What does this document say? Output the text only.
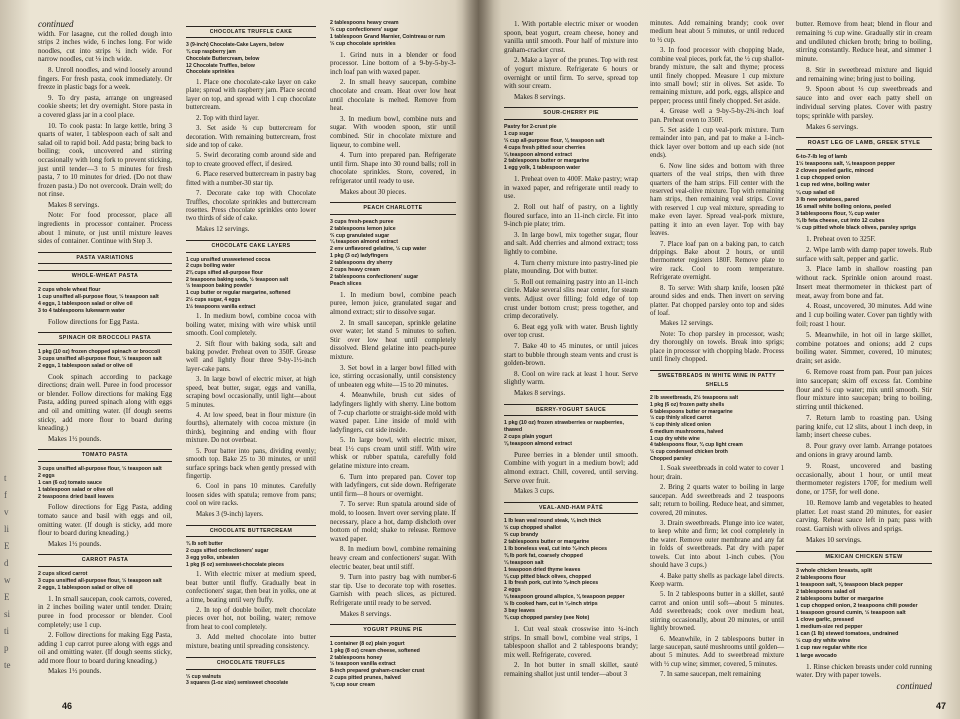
t
f
v
li
E
d
w
E
si
ti
p
te
continued

width. For lasagne, cut the rolled dough into strips 2 inches wide, 6 inches long. For wide noodles, cut into strips ¼ inch wide. For narrow noodles, cut ⅛ inch wide.

8. Unroll noodles, and wind loosely around fingers. For fresh pasta, cook immediately. Or freeze in plastic bags for a week.

9. To dry pasta, arrange on ungreased cookie sheets; let dry overnight. Store pasta in a covered glass jar in a cool place.

10. To cook pasta: In large kettle, bring 3 quarts of water, 1 tablespoon each of salt and salad oil to rapid boil. Add pasta; bring back to boiling; cook, uncovered and stirring occasionally with long fork to prevent sticking, just until tender—3 to 5 minutes for fresh pasta, 7 to 10 minutes for dried. (Do not thaw frozen pasta.) Do not overcook. Drain well; do not rinse.

Makes 8 servings.

Note: For food processor, place all ingredients in processor container. Process about 1 minute, or just until mixture leaves sides of container. Continue with Step 3.

PASTA VARIATIONS
WHOLE-WHEAT PASTA
2 cups whole wheat flour
1 cup unsifted all-purpose flour, ½ teaspoon salt
4 eggs, 1 tablespoon salad or olive oil
3 to 4 tablespoons lukewarm water

Follow directions for Egg Pasta.

SPINACH OR BROCCOLI PASTA
1 pkg (10 oz) frozen chopped spinach or broccoli
3 cups unsifted all-purpose flour, ½ teaspoon salt
2 eggs, 1 tablespoon salad or olive oil

Cook spinach according to package directions; drain well. Puree in food processor or blender. Follow directions for making Egg Pasta, adding pureed spinach along with eggs and oil and omitting water. (If dough seems sticky, add more flour to board during kneading.)

Makes 1½ pounds.

TOMATO PASTA
3 cups unsifted all-purpose flour, ½ teaspoon salt
2 eggs
1 can (6 oz) tomato sauce
1 tablespoon salad or olive oil
2 teaspoons dried basil leaves

Follow directions for Egg Pasta, adding tomato sauce and basil with eggs and oil, omitting water. (If dough is sticky, add more flour to board during kneading.)

Makes 1½ pounds.

CARROT PASTA
2 cups sliced carrot
3 cups unsifted all-purpose flour, ½ teaspoon salt
2 eggs, 1 tablespoon salad or olive oil

1. In small saucepan, cook carrots, covered, in 2 inches boiling water until tender. Drain; puree in food processor or blender. Cool completely; use 1 cup.

2. Follow directions for making Egg Pasta, adding 1 cup carrot puree along with eggs and oil and omitting water. (If dough seems sticky, add more flour to board during kneading.)

Makes 1½ pounds.

CHOCOLATE TRUFFLE CAKE
3 (9-inch) Chocolate-Cake Layers, below
¾ cup raspberry jam
Chocolate Buttercream, below
12 Chocolate Truffles, below
Chocolate sprinkles

1. Place one chocolate-cake layer on cake plate; spread with raspberry jam. Place second layer on top, and spread with 1 cup chocolate buttercream.

2. Top with third layer.

3. Set aside ¾ cup buttercream for decoration. With remaining buttercream, frost side and top of cake.

5. Swirl decorating comb around side and top to create grooved effect, if desired.

6. Place reserved buttercream in pastry bag fitted with a number-30 star tip.

7. Decorate cake top with Chocolate Truffles, chocolate sprinkles and buttercream rosettes. Press chocolate sprinkles onto lower two thirds of side of cake.

Makes 12 servings.

CHOCOLATE CAKE LAYERS
1 cup unsifted unsweetened cocoa
2 cups boiling water
2¾ cups sifted all-purpose flour
2 teaspoons baking soda, ½ teaspoon salt
½ teaspoon baking powder
1 cup butter or regular margarine, softened
2½ cups sugar, 4 eggs
1½ teaspoons vanilla extract

1. In medium bowl, combine cocoa with boiling water, mixing with wire whisk until smooth. Cool completely.

2. Sift flour with baking soda, salt and baking powder. Preheat oven to 350F. Grease well and lightly flour three 9-by-1½-inch layer-cake pans.

3. In large bowl of electric mixer, at high speed, beat butter, sugar, eggs and vanilla, scraping bowl occasionally, until light—about 5 minutes.

4. At low speed, beat in flour mixture (in fourths), alternately with cocoa mixture (in thirds), beginning and ending with flour mixture. Do not overbeat.

5. Pour batter into pans, dividing evenly; smooth top. Bake 25 to 30 minutes, or until surface springs back when gently pressed with fingertip.

6. Cool in pans 10 minutes. Carefully loosen sides with spatula; remove from pans; cool on wire racks.

Makes 3 (9-inch) layers.

CHOCOLATE BUTTERCREAM
¾ lb soft butter
2 cups sifted confectioners' sugar
3 egg yolks, unbeaten
1 pkg (6 oz) semisweet-chocolate pieces

1. With electric mixer at medium speed, beat butter until fluffy. Gradually beat in confectioners' sugar, then beat in yolks, one at a time, beating until very fluffy.

2. In top of double boiler, melt chocolate pieces over hot, not boiling, water; remove from heat to cool completely.

3. Add melted chocolate into butter mixture, beating until spreading consistency.

CHOCOLATE TRUFFLES
⅓ cup walnuts
3 squares (1-oz size) semisweet chocolate
2 tablespoons heavy cream
⅓ cup confectioners' sugar
1 tablespoon Grand Marnier, Cointreau or rum
⅓ cup chocolate sprinkles

1. Grind nuts in a blender or food processor. Line bottom of a 9-by-5-by-3-inch loaf pan with waxed paper.

2. In small heavy saucepan, combine chocolate and cream. Heat over low heat until chocolate is melted. Remove from heat.

3. In medium bowl, combine nuts and sugar. With wooden spoon, stir until combined. Stir in chocolate mixture and liqueur, to combine well.

4. Turn into prepared pan. Refrigerate until firm. Shape into 30 round balls; roll in chocolate sprinkles. Store, covered, in refrigerator until ready to use.

Makes about 30 pieces.

PEACH CHARLOTTE
3 cups fresh-peach puree
2 tablespoons lemon juice
⅔ cup granulated sugar
¼ teaspoon almond extract
2 env unflavored gelatine, ½ cup water
1 pkg (3 oz) ladyfingers
2 tablespoons dry sherry
2 cups heavy cream
2 tablespoons confectioners' sugar
Peach slices

1. In medium bowl, combine peach puree, lemon juice, granulated sugar and almond extract; stir to dissolve sugar.

2. In small saucepan, sprinkle gelatine over water; let stand 5 minutes to soften. Stir over low heat until completely dissolved. Blend gelatine into peach-puree mixture.

3. Set bowl in a larger bowl filled with ice, stirring occasionally, until consistency of unbeaten egg white—15 to 20 minutes.

4. Meanwhile, brush cut sides of ladyfingers lightly with sherry. Line bottom of 7-cup charlotte or straight-side mold with waxed paper. Line inside of mold with ladyfingers, cut side inside.

5. In large bowl, with electric mixer, beat 1½ cups cream until stiff. With wire whisk or rubber spatula, carefully fold gelatine mixture into cream.

6. Turn into prepared pan. Cover top with ladyfingers, cut side down. Refrigerate until firm—8 hours or overnight.

7. To serve: Run spatula around side of mold, to loosen. Invert over serving plate. If necessary, place a hot, damp dishcloth over bottom of mold; shake to release. Remove waxed paper.

8. In medium bowl, combine remaining heavy cream and confectioners' sugar. With electric beater, beat until stiff.

9. Turn into pastry bag with number-6 star tip. Use to decorate top with rosettes. Garnish with peach slices, as pictured. Refrigerate until ready to be served.

Makes 8 servings.

YOGURT PRUNE PIE
1 container (8 oz) plain yogurt
1 pkg (8 oz) cream cheese, softened
2 tablespoons honey
½ teaspoon vanilla extract
8-inch prepared graham-cracker crust
2 cups pitted prunes, halved
¾ cup sour cream
46

1. With portable electric mixer or wooden spoon, beat yogurt, cream cheese, honey and vanilla until smooth. Pour half of mixture into graham-cracker crust.

2. Make a layer of the prunes. Top with rest of yogurt mixture. Refrigerate 6 hours or overnight or until firm. To serve, spread top with sour cream.

Makes 8 servings.

SOUR-CHERRY PIE
Pastry for 2-crust pie
1 cup sugar
⅓ cup all-purpose flour, ⅛ teaspoon salt
4 cups fresh pitted sour cherries
¼ teaspoon almond extract
2 tablespoons butter or margarine
1 egg yolk, 1 tablespoon water

1. Preheat oven to 400F. Make pastry; wrap in waxed paper, and refrigerate until ready to use.

2. Roll out half of pastry, on a lightly floured surface, into an 11-inch circle. Fit into 9-inch pie plate; trim.

3. In large bowl, mix together sugar, flour and salt. Add cherries and almond extract; toss lightly to combine.

4. Turn cherry mixture into pastry-lined pie plate, mounding. Dot with butter.

5. Roll out remaining pastry into an 11-inch circle. Make several slits near center, for steam vents. Adjust over filling; fold edge of top crust under bottom crust; press together, and crimp decoratively.

6. Beat egg yolk with water. Brush lightly over top crust.

7. Bake 40 to 45 minutes, or until juices start to bubble through steam vents and crust is golden-brown.

8. Cool on wire rack at least 1 hour. Serve slightly warm.

Makes 8 servings.

BERRY-YOGURT SAUCE
1 pkg (10 oz) frozen strawberries or raspberries, thawed
2 cups plain yogurt
⅛ teaspoon almond extract

Puree berries in a blender until smooth. Combine with yogurt in a medium bowl; add almond extract. Chill, covered, until serving. Serve over fruit.

Makes 3 cups.

VEAL-AND-HAM PÂTÉ
1 lb lean veal round steak, ¼ inch thick
½ cup chopped shallot
⅔ cup brandy
2 tablespoons butter or margarine
1 lb boneless veal, cut into ¾-inch pieces
¾ lb pork fat, coarsely chopped
¼ teaspoon salt
1 teaspoon dried thyme leaves
¼ cup pitted black olives, chopped
1 lb fresh pork, cut into ¾-inch pieces
2 eggs
¼ teaspoon ground allspice, ⅛ teaspoon pepper
½ lb cooked ham, cut in ¼-inch strips
3 bay leaves
¾ cup chopped parsley (see Note)

1. Cut veal steak crosswise into ¼-inch strips. In small bowl, combine veal strips, 1 tablespoon shallot and 2 tablespoons brandy; mix well. Refrigerate, covered.

2. In hot butter in small skillet, sauté remaining shallot just until tender—about 3

minutes. Add remaining brandy; cook over medium heat about 5 minutes, or until reduced to ½ cup.

3. In food processor with chopping blade, combine veal pieces, pork fat, the ½ cup shallot-brandy mixture, the salt and thyme; process until finely chopped. Measure 1 cup mixture into small bowl; stir in olives. Set aside. To remaining mixture, add pork, eggs, allspice and pepper; process until finely chopped. Set aside.

4. Grease well a 9-by-5-by-2¾-inch loaf pan. Preheat oven to 350F.

5. Set aside 1 cup veal-pork mixture. Turn remainder into pan, and pat to make a 1-inch-thick layer over bottom and up each side (not ends).

6. Now line sides and bottom with three quarters of the veal strips, then with three quarters of the ham strips. Fill center with the reserved veal-olive mixture. Top with remaining ham strips, then remaining veal strips. Cover with reserved 1 cup veal mixture, spreading to make even layer. Spread veal-pork mixture, patting it into an even layer. Top with bay leaves.

7. Place loaf pan on a baking pan, to catch drippings. Bake about 2 hours, or until thermometer registers 180F. Remove plate to wire rack. Cool to room temperature. Refrigerate overnight.

8. To serve: With sharp knife, loosen pâté around sides and ends. Then invert on serving platter. Pat chopped parsley onto top and sides of loaf.

Makes 12 servings.

Note: To chop parsley in processor, wash; dry thoroughly on towels. Break into sprigs; place in processor with chopping blade. Process until finely chopped.

SWEETBREADS IN WHITE WINE IN PATTY SHELLS
2 lb sweetbreads, 2½ teaspoons salt
1 pkg (6 oz) frozen patty shells
6 tablespoons butter or margarine
½ cup thinly sliced carrot
½ cup thinly sliced onion
6 medium mushrooms, halved
1 cup dry white wine
4 tablespoons flour, ¾ cup light cream
½ cup condensed chicken broth
Chopped parsley

1. Soak sweetbreads in cold water to cover 1 hour; drain.

2. Bring 2 quarts water to boiling in large saucepan. Add sweetbreads and 2 teaspoons salt; return to boiling. Reduce heat, and simmer, covered, 20 minutes.

3. Drain sweetbreads. Plunge into ice water, to keep white and firm; let cool completely in the water. Remove outer membrane and any fat in folds of sweetbreads. Pat dry with paper towels. Cut into about 1-inch cubes. (You should have 3 cups.)

4. Bake patty shells as package label directs. Keep warm.

5. In 2 tablespoons butter in a skillet, sauté carrot and onion until soft—about 5 minutes. Add sweetbreads; cook over medium heat, stirring occasionally, about 20 minutes, or until lightly browned.

6. Meanwhile, in 2 tablespoons butter in large saucepan, sauté mushrooms until golden—about 5 minutes. Add to sweetbread mixture with ½ cup wine; simmer, covered, 5 minutes.

7. In same saucepan, melt remaining

butter. Remove from heat; blend in flour and remaining ½ cup wine. Gradually stir in cream and undiluted chicken broth; bring to boiling, stirring constantly. Reduce heat, and simmer 1 minute.

8. Stir in sweetbread mixture and liquid and remaining wine; bring just to boiling.

9. Spoon about ⅓ cup sweetbreads and sauce into and over each patty shell on individual serving plates. Cover with pastry tops; sprinkle with parsley.

Makes 6 servings.

ROAST LEG OF LAMB, GREEK STYLE
6-to-7-lb leg of lamb
1½ teaspoons salt, ¼ teaspoon pepper
2 cloves peeled garlic, minced
1 cup chopped onion
1 cup red wine, boiling water
¼ cup salad oil
3 lb new potatoes, pared
16 small white boiling onions, peeled
3 tablespoons flour, ¾ cup water
¾ lb feta cheese, cut into 12 cubes
½ cup pitted whole black olives, parsley sprigs

1. Preheat oven to 325F.

2. Wipe lamb with damp paper towels. Rub surface with salt, pepper and garlic.

3. Place lamb in shallow roasting pan without rack. Sprinkle onion around roast. Insert meat thermometer in thickest part of meat, away from bone and fat.

4. Roast, uncovered, 30 minutes. Add wine and 1 cup boiling water. Cover pan tightly with foil; roast 1 hour.

5. Meanwhile, in hot oil in large skillet, combine potatoes and onions; add 2 cups boiling water. Simmer, covered, 10 minutes; drain; set aside.

6. Remove roast from pan. Pour pan juices into saucepan; skim off excess fat. Combine flour and ¼ cup water; mix until smooth. Stir flour mixture into saucepan; bring to boiling, stirring until thickened.

7. Return lamb to roasting pan. Using paring knife, cut 12 slits, about 1 inch deep, in lamb; insert cheese cubes.

8. Pour gravy over lamb. Arrange potatoes and onions in gravy around lamb.

9. Roast, uncovered and basting occasionally, about 1 hour, or until meat thermometer registers 170F, for medium well done, or 175F, for well done.

10. Remove lamb and vegetables to heated platter. Let roast stand 20 minutes, for easier carving. Reheat sauce left in pan; pass with roast. Garnish with olives and sprigs.

Makes 10 servings.

MEXICAN CHICKEN STEW
3 whole chicken breasts, split
2 tablespoons flour
1 teaspoon salt, ⅛ teaspoon black pepper
2 tablespoons salad oil
2 tablespoons butter or margarine
1 cup chopped onion, 2 teaspoons chili powder
1 teaspoon ground cumin, ½ teaspoon salt
1 clove garlic, pressed
1 medium-size red pepper
1 can (1 lb) stewed tomatoes, undrained
½ cup dry white wine
1 cup raw regular white rice
1 large avocado

1. Rinse chicken breasts under cold running water. Dry with paper towels.

continued
47
